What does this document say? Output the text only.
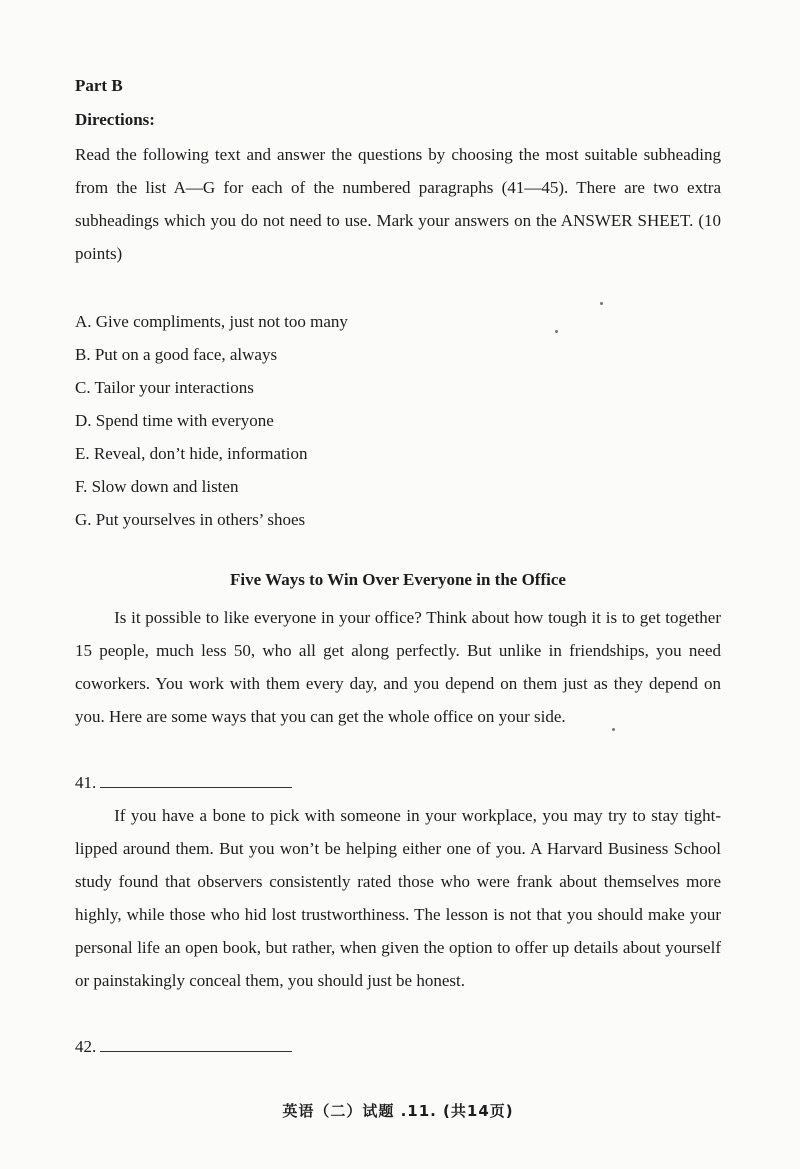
Part B
Directions:
Read the following text and answer the questions by choosing the most suitable subheading from the list A—G for each of the numbered paragraphs (41—45). There are two extra subheadings which you do not need to use. Mark your answers on the ANSWER SHEET. (10 points)
A. Give compliments, just not too many
B. Put on a good face, always
C. Tailor your interactions
D. Spend time with everyone
E. Reveal, don’t hide, information
F. Slow down and listen
G. Put yourselves in others’ shoes
Five Ways to Win Over Everyone in the Office
Is it possible to like everyone in your office? Think about how tough it is to get together 15 people, much less 50, who all get along perfectly. But unlike in friendships, you need coworkers. You work with them every day, and you depend on them just as they depend on you. Here are some ways that you can get the whole office on your side.
41.
If you have a bone to pick with someone in your workplace, you may try to stay tight-lipped around them. But you won’t be helping either one of you. A Harvard Business School study found that observers consistently rated those who were frank about themselves more highly, while those who hid lost trustworthiness. The lesson is not that you should make your personal life an open book, but rather, when given the option to offer up details about yourself or painstakingly conceal them, you should just be honest.
42.
英语（二）试题 .11. (共14页)
